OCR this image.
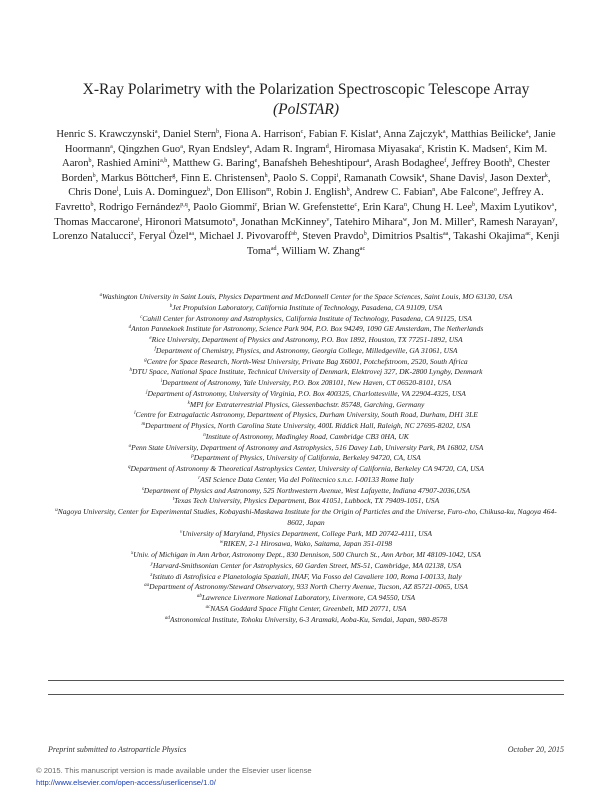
X-Ray Polarimetry with the Polarization Spectroscopic Telescope Array
(PolSTAR)
Henric S. Krawczynski$^a$, Daniel Stern$^b$, Fiona A. Harrison$^c$, Fabian F. Kislat$^a$, Anna Zajczyk$^a$, Matthias Beilicke$^a$, Janie Hoormann$^a$, Qingzhen Guo$^a$, Ryan Endsley$^a$, Adam R. Ingram$^d$, Hiromasa Miyasaka$^c$, Kristin K. Madsen$^c$, Kim M. Aaron$^b$, Rashied Amini$^{a,b}$, Matthew G. Baring$^e$, Banafsheh Beheshtipour$^a$, Arash Bodaghee$^f$, Jeffrey Booth$^b$, Chester Borden$^b$, Markus Böttcher$^g$, Finn E. Christensen$^h$, Paolo S. Coppi$^i$, Ramanath Cowsik$^a$, Shane Davis$^j$, Jason Dexter$^k$, Chris Done$^l$, Luis A. Dominguez$^b$, Don Ellison$^m$, Robin J. English$^b$, Andrew C. Fabian$^n$, Abe Falcone$^o$, Jeffrey A. Favretto$^b$, Rodrigo Fernández$^{p,q}$, Paolo Giommi$^r$, Brian W. Grefenstette$^c$, Erin Kara$^n$, Chung H. Lee$^b$, Maxim Lyutikov$^s$, Thomas Maccarone$^t$, Hironori Matsumoto$^u$, Jonathan McKinney$^v$, Tatehiro Mihara$^w$, Jon M. Miller$^x$, Ramesh Narayan$^y$, Lorenzo Natalucci$^z$, Feryal Özel$^{aa}$, Michael J. Pivovaroff$^{ab}$, Steven Pravdo$^b$, Dimitrios Psaltis$^{aa}$, Takashi Okajima$^{ac}$, Kenji Toma$^{ad}$, William W. Zhang$^{ac}$
$^a$Washington University in Saint Louis, Physics Department and McDonnell Center for the Space Sciences, Saint Louis, MO 63130, USA
$^b$Jet Propulsion Laboratory, California Institute of Technology, Pasadena, CA 91109, USA
$^c$Cahill Center for Astronomy and Astrophysics, California Institute of Technology, Pasadena, CA 91125, USA
$^d$Anton Pannekoek Institute for Astronomy, Science Park 904, P.O. Box 94249, 1090 GE Amsterdam, The Netherlands
$^e$Rice University, Department of Physics and Astronomy, P.O. Box 1892, Houston, TX 77251-1892, USA
$^f$Department of Chemistry, Physics, and Astronomy, Georgia College, Milledgeville, GA 31061, USA
$^g$Centre for Space Research, North-West University, Private Bag X6001, Potchefstroom, 2520, South Africa
$^h$DTU Space, National Space Institute, Technical University of Denmark, Elektrovej 327, DK-2800 Lyngby, Denmark
$^i$Department of Astronomy, Yale University, P.O. Box 208101, New Haven, CT 06520-8101, USA
$^j$Department of Astronomy, University of Virginia, P.O. Box 400325, Charlottesville, VA 22904-4325, USA
$^k$MPI for Extraterrestrial Physics, Giessenbachstr. 85748, Garching, Germany
$^l$Centre for Extragalactic Astronomy, Department of Physics, Durham University, South Road, Durham, DH1 3LE
$^m$Department of Physics, North Carolina State University, 400L Riddick Hall, Raleigh, NC 27695-8202, USA
$^n$Institute of Astronomy, Madingley Road, Cambridge CB3 0HA, UK
$^o$Penn State University, Department of Astronomy and Astrophysics, 516 Davey Lab, University Park, PA 16802, USA
$^p$Department of Physics, University of California, Berkeley 94720, CA, USA
$^q$Department of Astronomy & Theoretical Astrophysics Center, University of California, Berkeley CA 94720, CA, USA
$^r$ASI Science Data Center, Via del Politecnico s.n.c. I-00133 Rome Italy
$^s$Department of Physics and Astronomy, 525 Northwestern Avenue, West Lafayette, Indiana 47907-2036,USA
$^t$Texas Tech University, Physics Department, Box 41051, Lubbock, TX 79409-1051, USA
$^u$Nagoya University, Center for Experimental Studies, Kobayashi-Maskawa Institute for the Origin of Particles and the Universe, Furo-cho, Chikusa-ku, Nagoya 464-8602, Japan
$^v$University of Maryland, Physics Department, College Park, MD 20742-4111, USA
$^w$RIKEN, 2-1 Hirosawa, Wako, Saitama, Japan 351-0198
$^x$Univ. of Michigan in Ann Arbor, Astronomy Dept., 830 Dennison, 500 Church St., Ann Arbor, MI 48109-1042, USA
$^y$Harvard-Smithsonian Center for Astrophysics, 60 Garden Street, MS-51, Cambridge, MA 02138, USA
$^z$Istituto di Astrofisica e Planetologia Spaziali, INAF, Via Fosso del Cavaliere 100, Roma I-00133, Italy
$^{aa}$Department of Astronomy/Steward Observatory, 933 North Cherry Avenue, Tucson, AZ 85721-0065, USA
$^{ab}$Lawrence Livermore National Laboratory, Livermore, CA 94550, USA
$^{ac}$NASA Goddard Space Flight Center, Greenbelt, MD 20771, USA
$^{ad}$Astronomical Institute, Tohoku University, 6-3 Aramaki, Aoba-Ku, Sendai, Japan, 980-8578
Preprint submitted to Astroparticle Physics	October 20, 2015
© 2015. This manuscript version is made available under the Elsevier user license
http://www.elsevier.com/open-access/userlicense/1.0/
